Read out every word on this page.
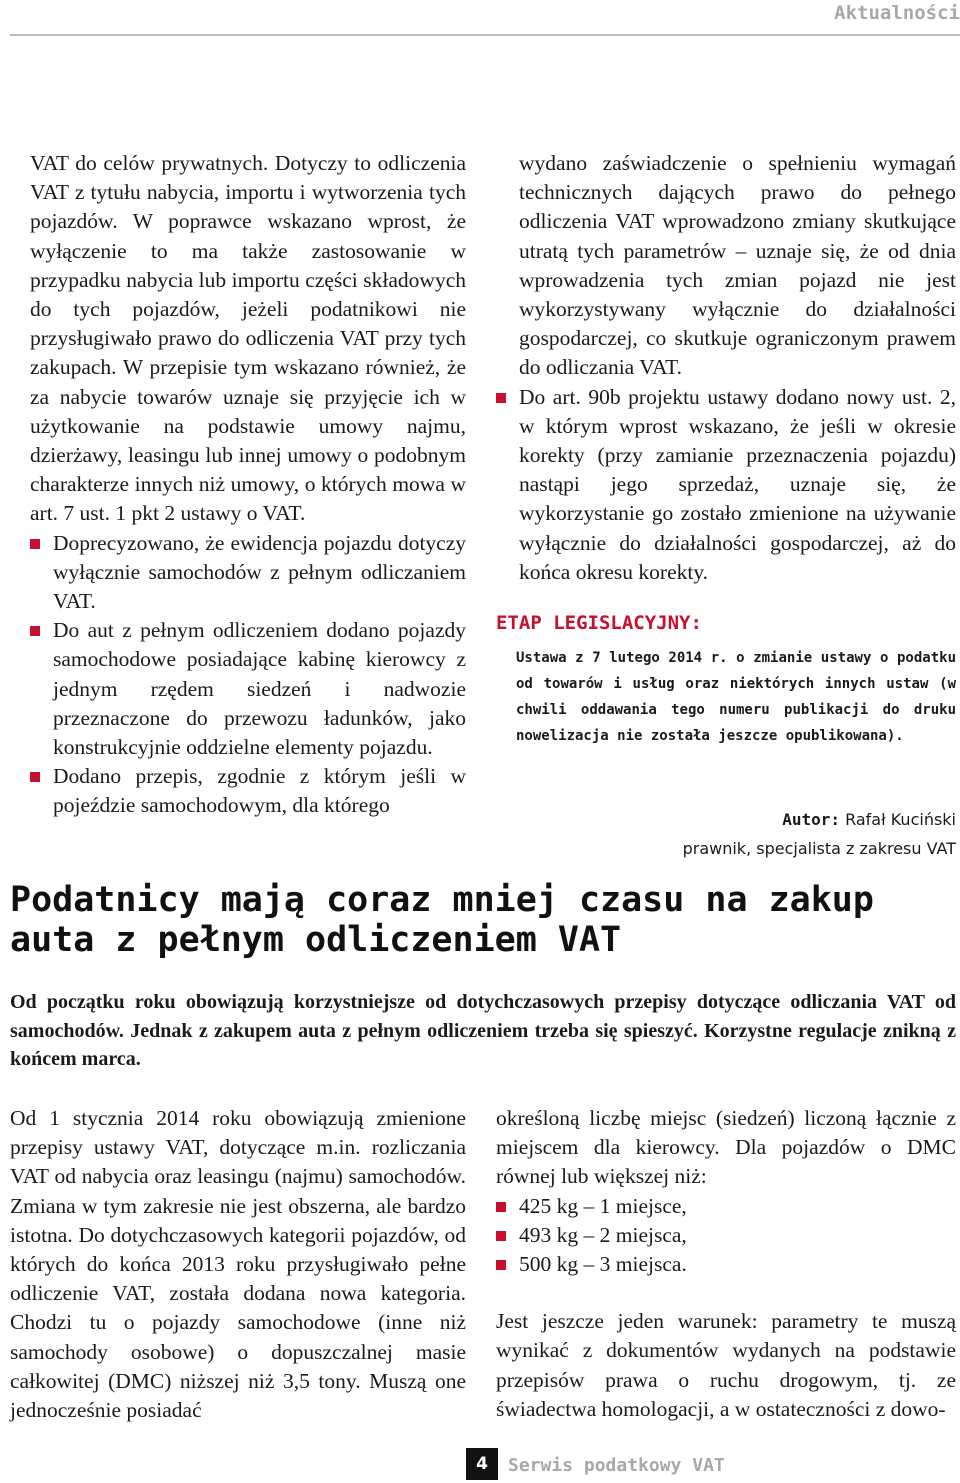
Aktualności

VAT do celów prywatnych. Dotyczy to odliczenia VAT z tytułu nabycia, importu i wytworzenia tych pojazdów. W poprawce wskazano wprost, że wyłączenie to ma także zastosowanie w przypadku nabycia lub importu części składowych do tych pojazdów, jeżeli podatnikowi nie przysługiwało prawo do odliczenia VAT przy tych zakupach. W przepisie tym wskazano również, że za nabycie towarów uznaje się przyjęcie ich w użytkowanie na podstawie umowy najmu, dzierżawy, leasingu lub innej umowy o podobnym charakterze innych niż umowy, o których mowa w art. 7 ust. 1 pkt 2 ustawy o VAT.

Doprecyzowano, że ewidencja pojazdu dotyczy wyłącznie samochodów z pełnym odliczaniem VAT.
Do aut z pełnym odliczeniem dodano pojazdy samochodowe posiadające kabinę kierowcy z jednym rzędem siedzeń i nadwozie przeznaczone do przewozu ładunków, jako konstrukcyjnie oddzielne elementy pojazdu.
Dodano przepis, zgodnie z którym jeśli w pojeździe samochodowym, dla którego

wydano zaświadczenie o spełnieniu wymagań technicznych dających prawo do pełnego odliczenia VAT wprowadzono zmiany skutkujące utratą tych parametrów – uznaje się, że od dnia wprowadzenia tych zmian pojazd nie jest wykorzystywany wyłącznie do działalności gospodarczej, co skutkuje ograniczonym prawem do odliczania VAT.

Do art. 90b projektu ustawy dodano nowy ust. 2, w którym wprost wskazano, że jeśli w okresie korekty (przy zamianie przeznaczenia pojazdu) nastąpi jego sprzedaż, uznaje się, że wykorzystanie go zostało zmienione na używanie wyłącznie do działalności gospodarczej, aż do końca okresu korekty.
ETAP LEGISLACYJNY:
Ustawa z 7 lutego 2014 r. o zmianie ustawy o podatku od towarów i usług oraz niektórych innych ustaw (w chwili oddawania tego numeru publikacji do druku nowelizacja nie została jeszcze opublikowana).
Autor: Rafał Kuciński
prawnik, specjalista z zakresu VAT
Podatnicy mają coraz mniej czasu na zakup auta z pełnym odliczeniem VAT
Od początku roku obowiązują korzystniejsze od dotychczasowych przepisy dotyczące odliczania VAT od samochodów. Jednak z zakupem auta z pełnym odliczeniem trzeba się spieszyć. Korzystne regulacje znikną z końcem marca.

Od 1 stycznia 2014 roku obowiązują zmienione przepisy ustawy VAT, dotyczące m.in. rozliczania VAT od nabycia oraz leasingu (najmu) samochodów. Zmiana w tym zakresie nie jest obszerna, ale bardzo istotna. Do dotychczasowych kategorii pojazdów, od których do końca 2013 roku przysługiwało pełne odliczenie VAT, została dodana nowa kategoria. Chodzi tu o pojazdy samochodowe (inne niż samochody osobowe) o dopuszczalnej masie całkowitej (DMC) niższej niż 3,5 tony. Muszą one jednocześnie posiadać

określoną liczbę miejsc (siedzeń) liczoną łącznie z miejscem dla kierowcy. Dla pojazdów o DMC równej lub większej niż:

425 kg – 1 miejsce,
493 kg – 2 miejsca,
500 kg – 3 miejsca.

Jest jeszcze jeden warunek: parametry te muszą wynikać z dokumentów wydanych na podstawie przepisów prawa o ruchu drogowym, tj. ze świadectwa homologacji, a w ostateczności z dowo-

4	Serwis podatkowy VAT
